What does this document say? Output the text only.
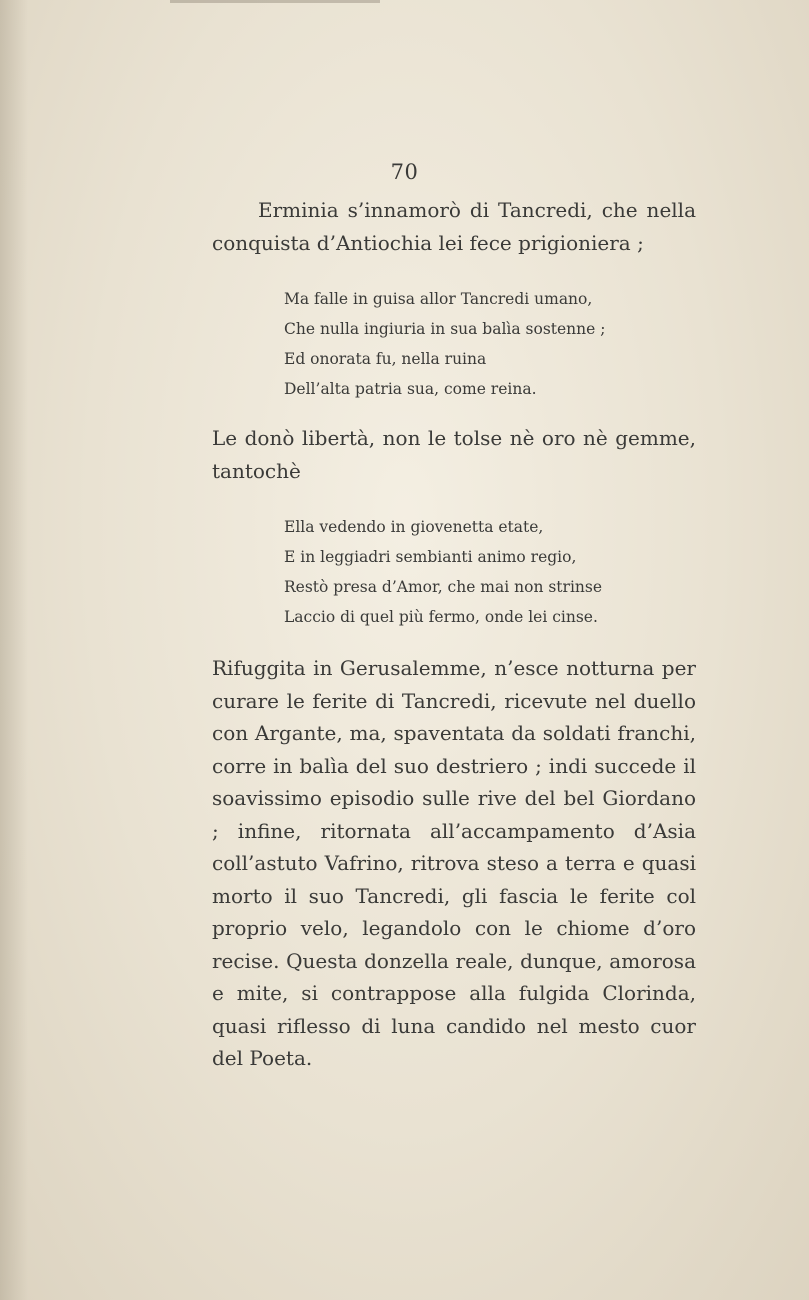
70

Erminia s’innamorò di Tancredi, che nella conquista d’Antiochia lei fece prigioniera ;

Ma falle in guisa allor Tancredi umano,
Che nulla ingiuria in sua balìa sostenne ;
Ed onorata fu, nella ruina
Dell’alta patria sua, come reina.

Le donò libertà, non le tolse nè oro nè gemme, tantochè

Ella vedendo in giovenetta etate,
E in leggiadri sembianti animo regio,
Restò presa d’Amor, che mai non strinse
Laccio di quel più fermo, onde lei cinse.

Rifuggita in Gerusalemme, n’esce notturna per curare le ferite di Tancredi, ricevute nel duello con Argante, ma, spaventata da soldati franchi, corre in balìa del suo destriero ; indi succede il soavissimo episodio sulle rive del bel Giordano ; infine, ritornata all’accampamento d’Asia coll’astuto Vafrino, ritrova steso a terra e quasi morto il suo Tancredi, gli fascia le ferite col proprio velo, legandolo con le chiome d’oro recise. Questa donzella reale, dunque, amorosa e mite, si contrappose alla fulgida Clorinda, quasi riflesso di luna candido nel mesto cuor del Poeta.
